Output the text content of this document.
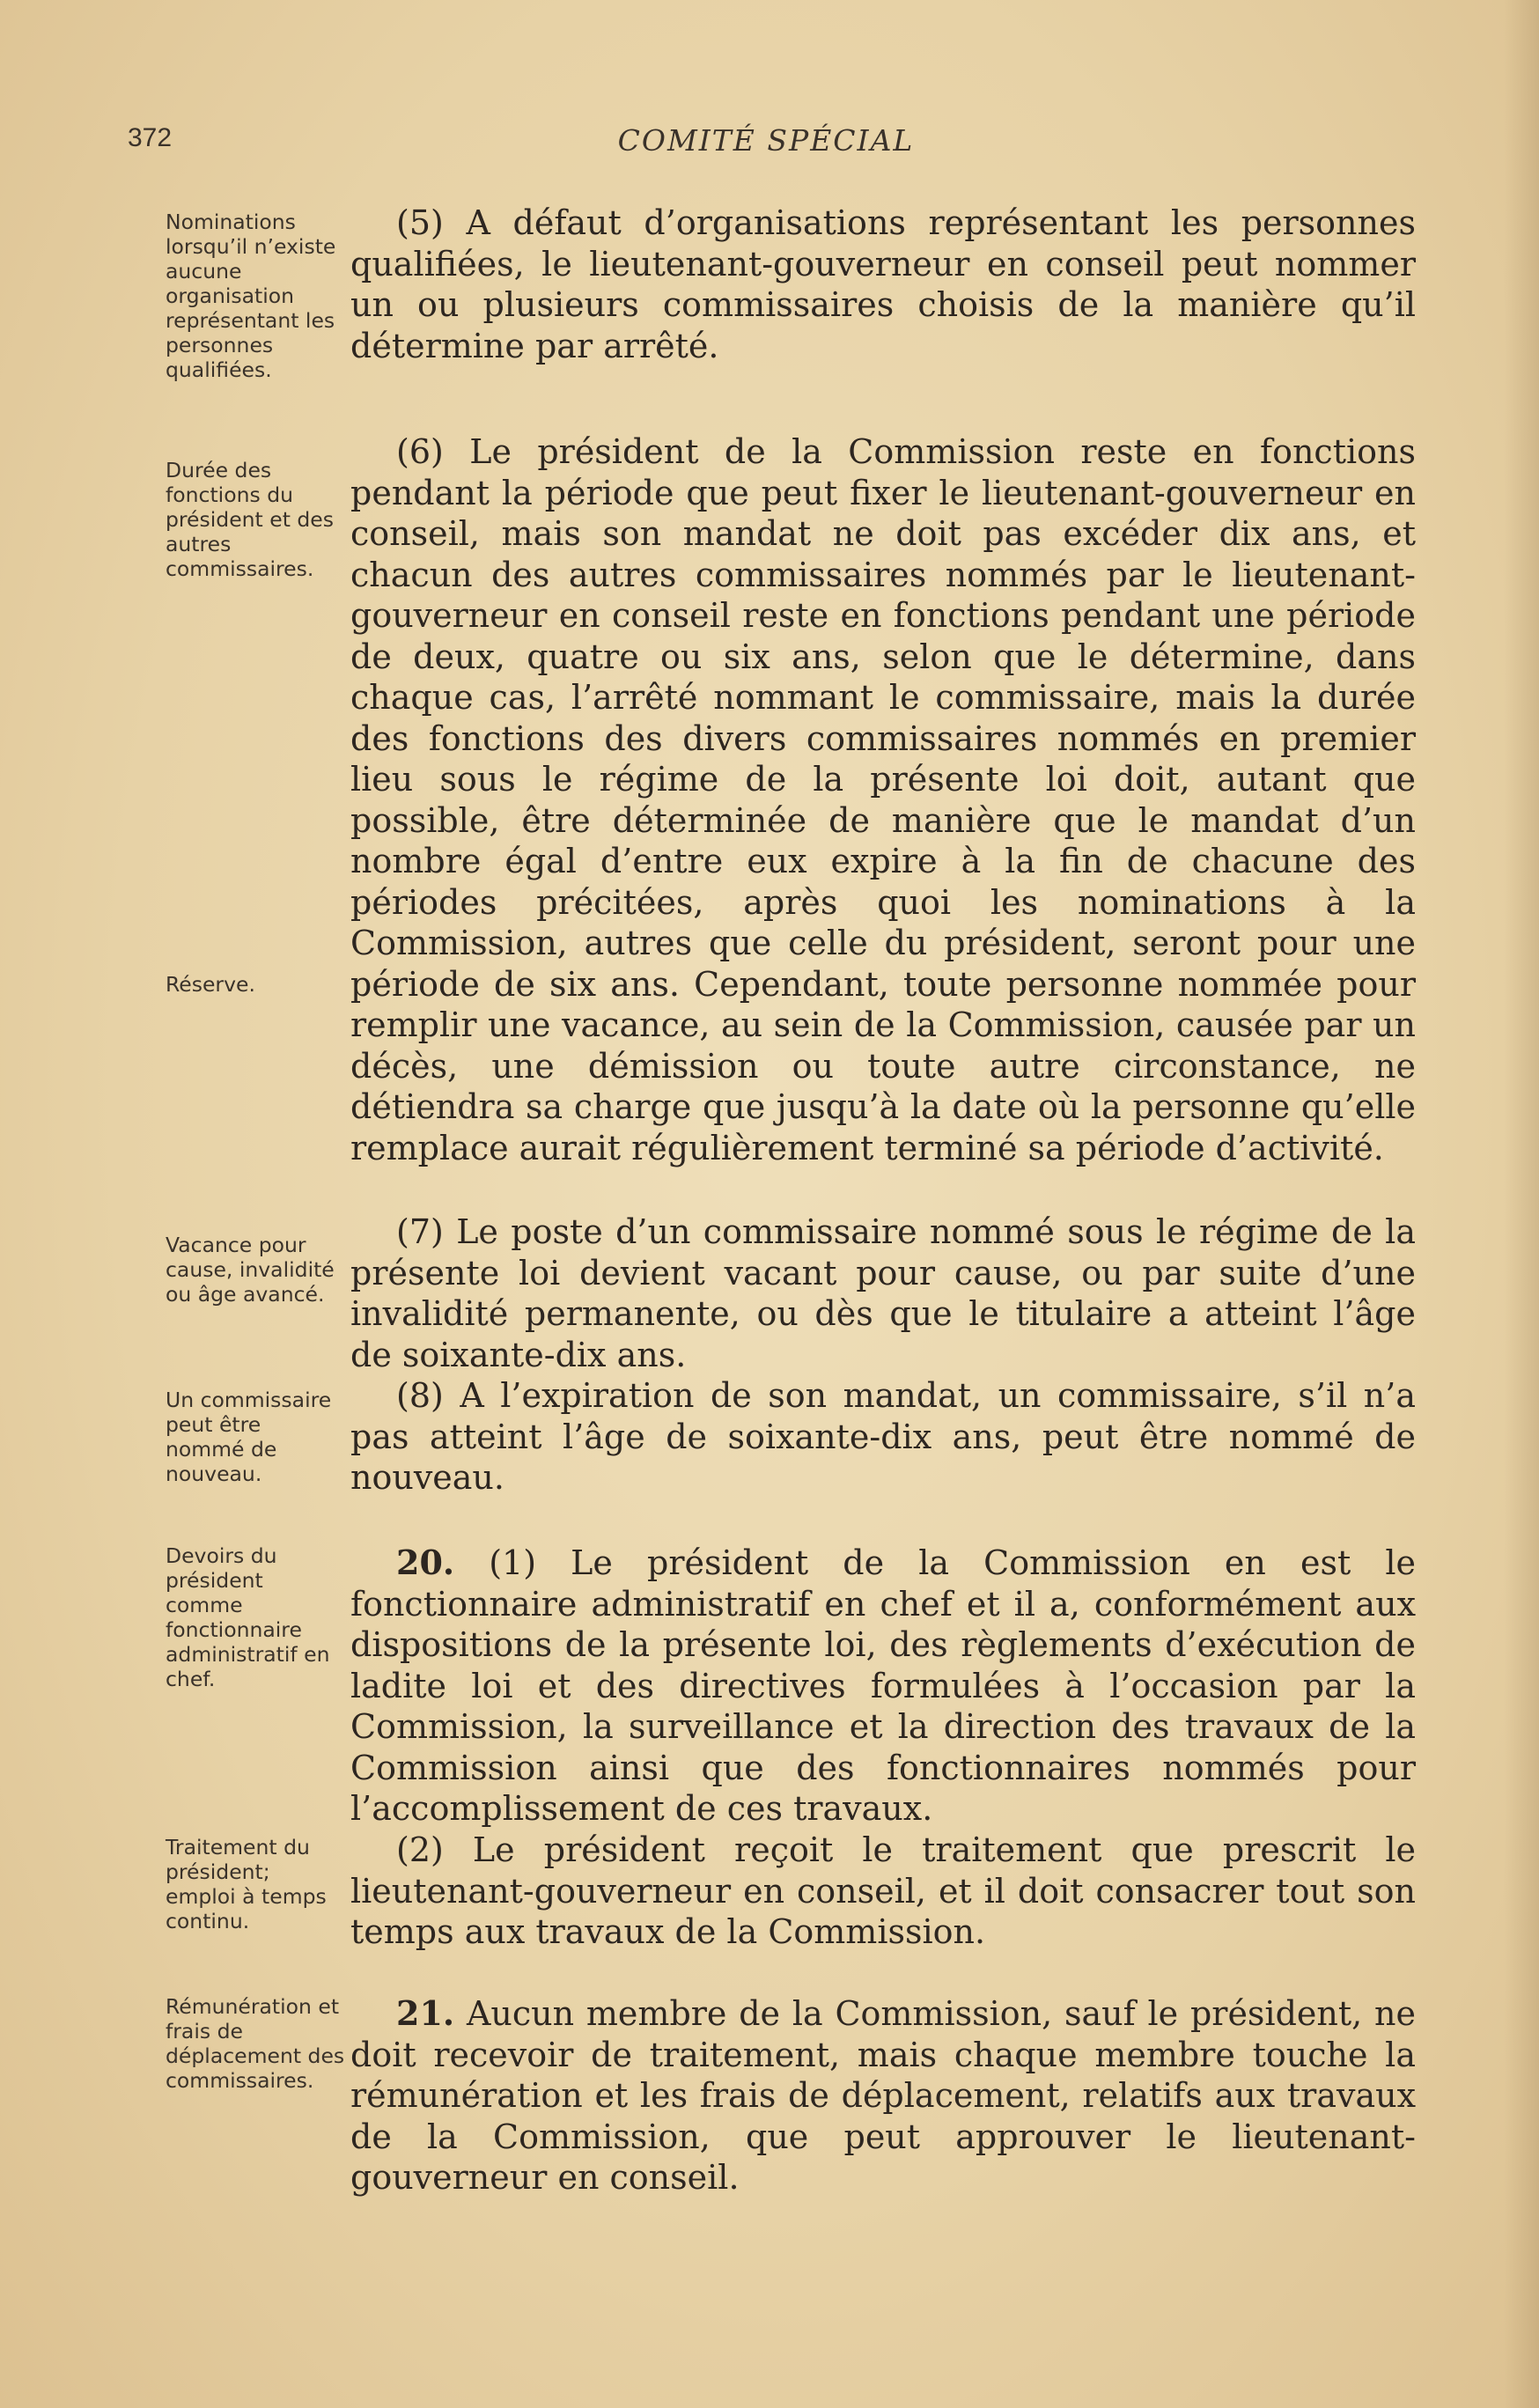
372	COMITÉ SPÉCIAL
Nominations lorsqu’il n’existe aucune organisation représentant les personnes qualifiées.
Durée des fonctions du président et des autres commissaires.
Réserve.
Vacance pour cause, invalidité ou âge avancé.
Un commissaire peut être nommé de nouveau.
Devoirs du président comme fonctionnaire administratif en chef.
Traitement du président; emploi à temps continu.
Rémunération et frais de déplacement des commissaires.
(5) A défaut d’organisations représentant les personnes qualifiées, le lieutenant-gouverneur en conseil peut nommer un ou plusieurs commissaires choisis de la manière qu’il détermine par arrêté.
(6) Le président de la Commission reste en fonctions pendant la période que peut fixer le lieutenant-gouverneur en conseil, mais son mandat ne doit pas excéder dix ans, et chacun des autres commissaires nommés par le lieutenant-gouverneur en conseil reste en fonctions pendant une période de deux, quatre ou six ans, selon que le détermine, dans chaque cas, l’arrêté nommant le commissaire, mais la durée des fonctions des divers commissaires nommés en premier lieu sous le régime de la présente loi doit, autant que possible, être déterminée de manière que le mandat d’un nombre égal d’entre eux expire à la fin de chacune des périodes précitées, après quoi les nominations à la Commission, autres que celle du président, seront pour une période de six ans. Cependant, toute personne nommée pour remplir une vacance, au sein de la Commission, causée par un décès, une démission ou toute autre circonstance, ne détiendra sa charge que jusqu’à la date où la personne qu’elle remplace aurait régulièrement terminé sa période d’activité.
(7) Le poste d’un commissaire nommé sous le régime de la présente loi devient vacant pour cause, ou par suite d’une invalidité permanente, ou dès que le titulaire a atteint l’âge de soixante-dix ans.
(8) A l’expiration de son mandat, un commissaire, s’il n’a pas atteint l’âge de soixante-dix ans, peut être nommé de nouveau.
20. (1) Le président de la Commission en est le fonctionnaire administratif en chef et il a, conformément aux dispositions de la présente loi, des règlements d’exécution de ladite loi et des directives formulées à l’occasion par la Commission, la surveillance et la direction des travaux de la Commission ainsi que des fonctionnaires nommés pour l’accomplissement de ces travaux.
(2) Le président reçoit le traitement que prescrit le lieutenant-gouverneur en conseil, et il doit consacrer tout son temps aux travaux de la Commission.
21. Aucun membre de la Commission, sauf le président, ne doit recevoir de traitement, mais chaque membre touche la rémunération et les frais de déplacement, relatifs aux travaux de la Commission, que peut approuver le lieutenant-gouverneur en conseil.
